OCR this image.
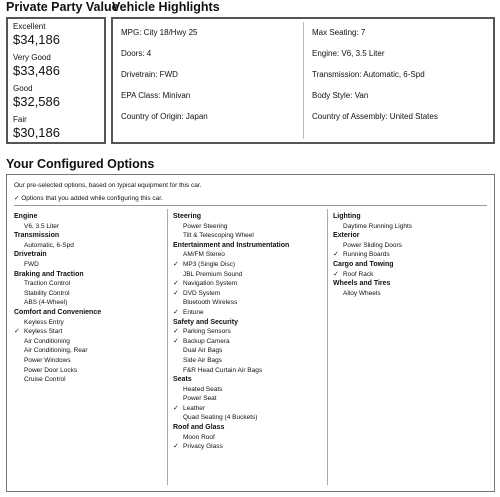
Private Party Value
Vehicle Highlights
Excellent
$34,186
Very Good
$33,486
Good
$32,586
Fair
$30,186
MPG: City 18/Hwy 25
Doors: 4
Drivetrain: FWD
EPA Class: Minivan
Country of Origin: Japan
Max Seating: 7
Engine: V6, 3.5 Liter
Transmission: Automatic, 6-Spd
Body Style: Van
Country of Assembly: United States
Your Configured Options
Our pre-selected options, based on typical equipment for this car.
✓ Options that you added while configuring this car.
Engine
V6, 3.5 Liter
Transmission
Automatic, 6-Spd
Drivetrain
FWD
Braking and Traction
Traction Control
Stability Control
ABS (4-Wheel)
Comfort and Convenience
Keyless Entry
✓ Keyless Start
Air Conditioning
Air Conditioning, Rear
Power Windows
Power Door Locks
Cruise Control
Steering
Power Steering
Tilt & Telescoping Wheel
Entertainment and Instrumentation
AM/FM Stereo
✓ MP3 (Single Disc)
JBL Premium Sound
✓ Navigation System
✓ DVD System
Bluetooth Wireless
✓ Entune
Safety and Security
✓ Parking Sensors
✓ Backup Camera
Dual Air Bags
Side Air Bags
F&R Head Curtain Air Bags
Seats
Heated Seats
Power Seat
✓ Leather
Quad Seating (4 Buckets)
Roof and Glass
Moon Roof
✓ Privacy Glass
Lighting
Daytime Running Lights
Exterior
Power Sliding Doors
✓ Running Boards
Cargo and Towing
✓ Roof Rack
Wheels and Tires
Alloy Wheels
